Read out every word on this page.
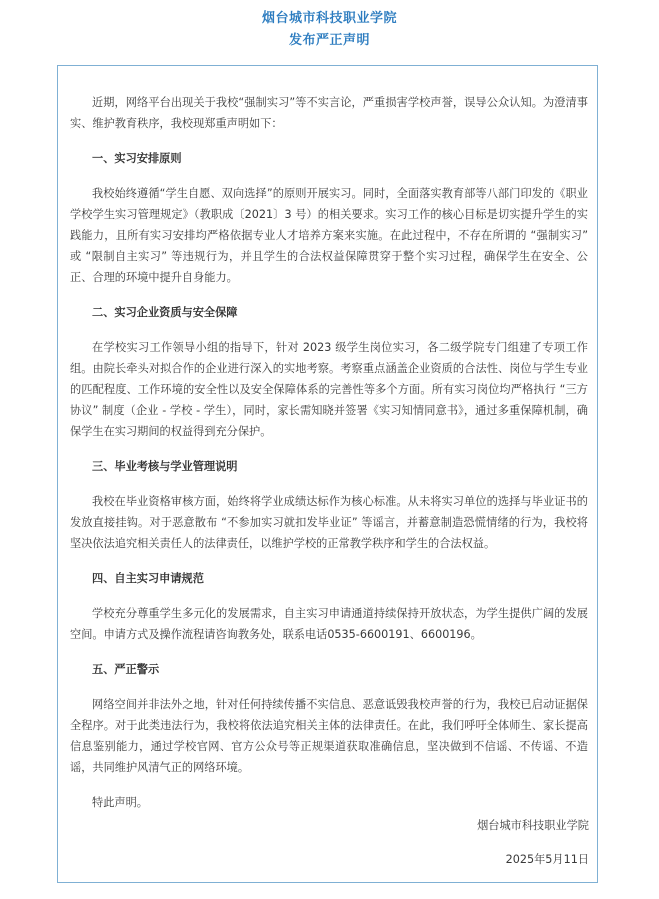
烟台城市科技职业学院
发布严正声明

近期，网络平台出现关于我校“强制实习”等不实言论，严重损害学校声誉，误导公众认知。为澄清事实、维护教育秩序，我校现郑重声明如下：

一、实习安排原则

我校始终遵循“学生自愿、双向选择”的原则开展实习。同时，全面落实教育部等八部门印发的《职业学校学生实习管理规定》（教职成〔2021〕3 号）的相关要求。实习工作的核心目标是切实提升学生的实践能力，且所有实习安排均严格依据专业人才培养方案来实施。在此过程中，不存在所谓的 “强制实习” 或 “限制自主实习” 等违规行为，并且学生的合法权益保障贯穿于整个实习过程，确保学生在安全、公正、合理的环境中提升自身能力。

二、实习企业资质与安全保障

在学校实习工作领导小组的指导下，针对 2023 级学生岗位实习，各二级学院专门组建了专项工作组。由院长牵头对拟合作的企业进行深入的实地考察。考察重点涵盖企业资质的合法性、岗位与学生专业的匹配程度、工作环境的安全性以及安全保障体系的完善性等多个方面。所有实习岗位均严格执行 “三方协议” 制度（企业 - 学校 - 学生），同时，家长需知晓并签署《实习知情同意书》，通过多重保障机制，确保学生在实习期间的权益得到充分保护。

三、毕业考核与学业管理说明

我校在毕业资格审核方面，始终将学业成绩达标作为核心标准。从未将实习单位的选择与毕业证书的发放直接挂钩。对于恶意散布 “不参加实习就扣发毕业证” 等谣言，并蓄意制造恐慌情绪的行为，我校将坚决依法追究相关责任人的法律责任，以维护学校的正常教学秩序和学生的合法权益。

四、自主实习申请规范

学校充分尊重学生多元化的发展需求，自主实习申请通道持续保持开放状态，为学生提供广阔的发展空间。申请方式及操作流程请咨询教务处，联系电话0535-6600191、6600196。

五、严正警示

网络空间并非法外之地，针对任何持续传播不实信息、恶意诋毁我校声誉的行为，我校已启动证据保全程序。对于此类违法行为，我校将依法追究相关主体的法律责任。在此，我们呼吁全体师生、家长提高信息鉴别能力，通过学校官网、官方公众号等正规渠道获取准确信息，坚决做到不信谣、不传谣、不造谣，共同维护风清气正的网络环境。

特此声明。

烟台城市科技职业学院
2025年5月11日
